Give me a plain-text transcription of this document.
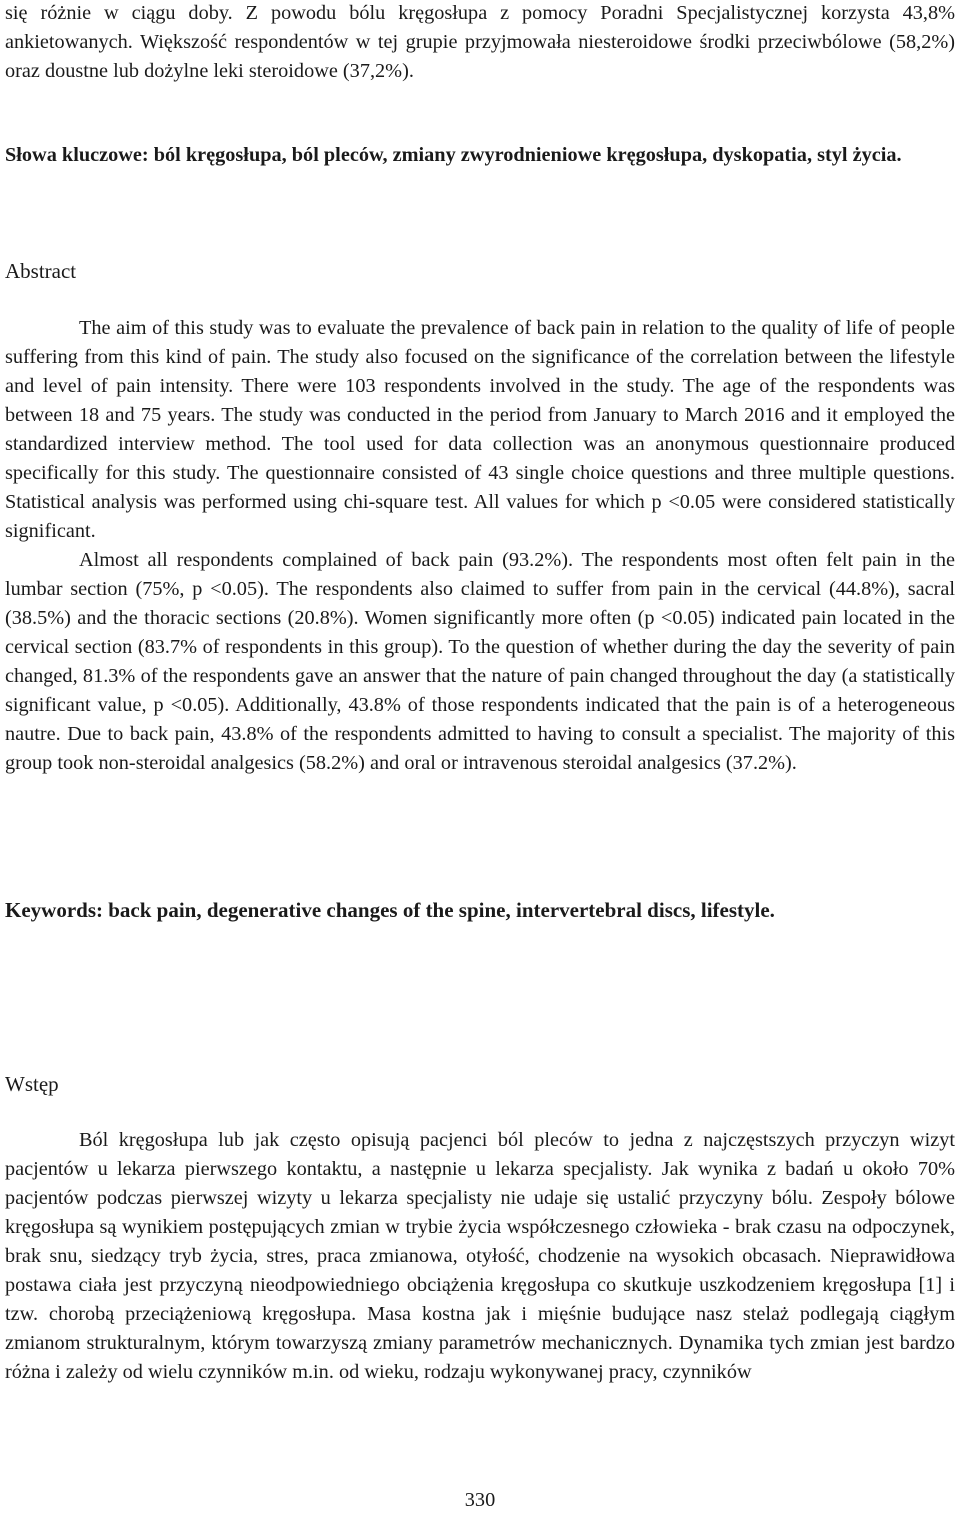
się różnie w ciągu doby. Z powodu bólu kręgosłupa z pomocy Poradni Specjalistycznej korzysta 43,8% ankietowanych. Większość respondentów w tej grupie przyjmowała niesteroidowe środki przeciwbólowe (58,2%) oraz doustne lub dożylne leki steroidowe (37,2%).

Słowa kluczowe: ból kręgosłupa, ból pleców, zmiany zwyrodnieniowe kręgosłupa, dyskopatia, styl życia.

Abstract

The aim of this study was to evaluate the prevalence of back pain in relation to the quality of life of people suffering from this kind of pain. The study also focused on the significance of the correlation between the lifestyle and level of pain intensity. There were 103 respondents involved in the study. The age of the respondents was between 18 and 75 years. The study was conducted in the period from January to March 2016 and it employed the standardized interview method. The tool used for data collection was an anonymous questionnaire produced specifically for this study. The questionnaire consisted of 43 single choice questions and three multiple questions. Statistical analysis was performed using chi-square test. All values for which p <0.05 were considered statistically significant.

Almost all respondents complained of back pain (93.2%). The respondents most often felt pain in the lumbar section (75%, p <0.05). The respondents also claimed to suffer from pain in the cervical (44.8%), sacral (38.5%) and the thoracic sections (20.8%). Women significantly more often (p <0.05) indicated pain located in the cervical section (83.7% of respondents in this group). To the question of whether during the day the severity of pain changed, 81.3% of the respondents gave an answer that the nature of pain changed throughout the day (a statistically significant value, p <0.05). Additionally, 43.8% of those respondents indicated that the pain is of a heterogeneous nautre. Due to back pain, 43.8% of the respondents admitted to having to consult a specialist. The majority of this group took non-steroidal analgesics (58.2%) and oral or intravenous steroidal analgesics (37.2%).

Keywords: back pain, degenerative changes of the spine, intervertebral discs, lifestyle.

Wstęp

Ból kręgosłupa lub jak często opisują pacjenci ból pleców to jedna z najczęstszych przyczyn wizyt pacjentów u lekarza pierwszego kontaktu, a następnie u lekarza specjalisty. Jak wynika z badań u około 70% pacjentów podczas pierwszej wizyty u lekarza specjalisty nie udaje się ustalić przyczyny bólu. Zespoły bólowe kręgosłupa są wynikiem postępujących zmian w trybie życia współczesnego człowieka - brak czasu na odpoczynek, brak snu, siedzący tryb życia, stres, praca zmianowa, otyłość, chodzenie na wysokich obcasach. Nieprawidłowa postawa ciała jest przyczyną nieodpowiedniego obciążenia kręgosłupa co skutkuje uszkodzeniem kręgosłupa [1] i tzw. chorobą przeciążeniową kręgosłupa. Masa kostna jak i mięśnie budujące nasz stelaż podlegają ciągłym zmianom strukturalnym, którym towarzyszą zmiany parametrów mechanicznych. Dynamika tych zmian jest bardzo różna i zależy od wielu czynników m.in. od wieku, rodzaju wykonywanej pracy, czynników

330
